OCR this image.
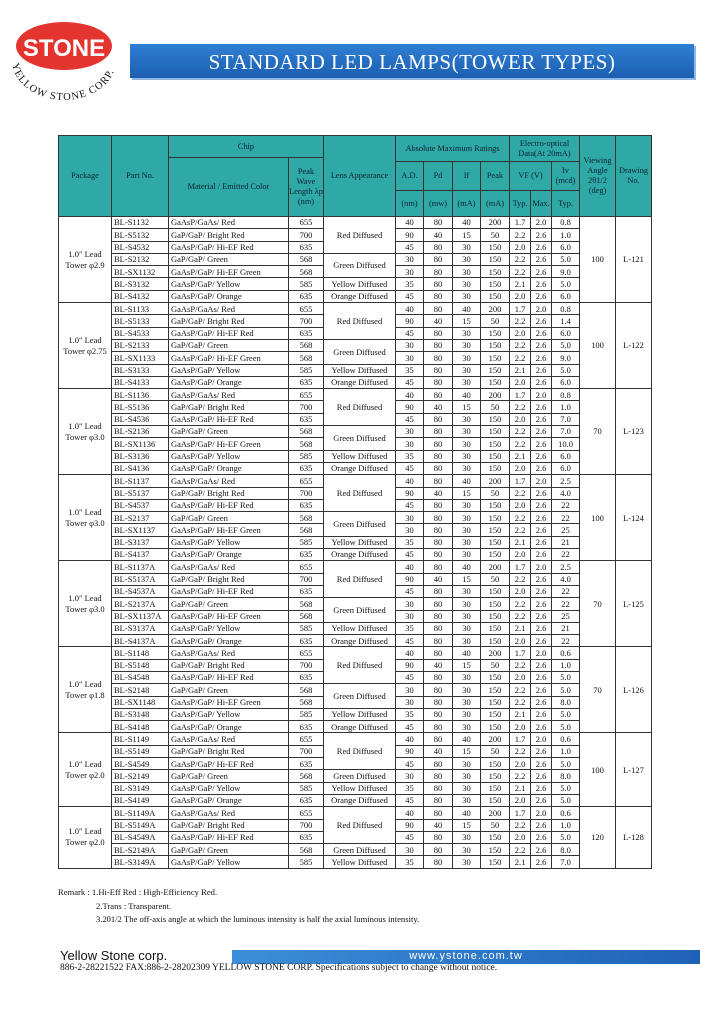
STONE
YELLOW STONE CORP.	STANDARD LED LAMPS(TOWER TYPES)
Package	Part No.	Chip		Lens Appearance	Absolute Maximum Ratings				Electro-optical Data(At 20mA)			Viewing Angle 2θ1/2 (deg)	Drawing No.
		Material / Emitted Color	Peak Wave Length λp (nm)										
					A.D.	Pd	If	Peak	VF (V)		Iv (mcd)		
					(nm)	(mw)	(mA)	(mA)	Typ.	Max.	Typ.		
1.0" Lead Tower φ2.9	BL-S1132	GaAsP/GaAs/ Red	655	Red Diffused	40	80	40	200	1.7	2.0	0.8	100	L-121
	BL-S5132	GaP/GaP/ Bright Red	700		90	40	15	50	2.2	2.6	1.0		
	BL-S4532	GaAsP/GaP/ Hi-EF Red	635		45	80	30	150	2.0	2.6	6.0		
	BL-S2132	GaP/GaP/ Green	568	Green Diffused	30	80	30	150	2.2	2.6	5.0		
	BL-SX1132	GaAsP/GaP/ Hi-EF Green	568		30	80	30	150	2.2	2.6	9.0		
	BL-S3132	GaAsP/GaP/ Yellow	585	Yellow Diffused	35	80	30	150	2.1	2.6	5.0		
	BL-S4132	GaAsP/GaP/ Orange	635	Orange Diffused	45	80	30	150	2.0	2.6	6.0		
1.0" Lead Tower φ2.75	BL-S1133	GaAsP/GaAs/ Red	655	Red Diffused	40	80	40	200	1.7	2.0	0.8	100	L-122
	BL-S5133	GaP/GaP/ Bright Red	700		90	40	15	50	2.2	2.6	1.4		
	BL-S4533	GaAsP/GaP/ Hi-EF Red	635		45	80	30	150	2.0	2.6	6.0		
	BL-S2133	GaP/GaP/ Green	568	Green Diffused	30	80	30	150	2.2	2.6	5.0		
	BL-SX1133	GaAsP/GaP/ Hi-EF Green	568		30	80	30	150	2.2	2.6	9.0		
	BL-S3133	GaAsP/GaP/ Yellow	585	Yellow Diffused	35	80	30	150	2.1	2.6	5.0		
	BL-S4133	GaAsP/GaP/ Orange	635	Orange Diffused	45	80	30	150	2.0	2.6	6.0		
1.0" Lead Tower φ3.0	BL-S1136	GaAsP/GaAs/ Red	655	Red Diffused	40	80	40	200	1.7	2.0	0.8	70	L-123
	BL-S5136	GaP/GaP/ Bright Red	700		90	40	15	50	2.2	2.6	1.0		
	BL-S4536	GaAsP/GaP/ Hi-EF Red	635		45	80	30	150	2.0	2.6	7.0		
	BL-S2136	GaP/GaP/ Green	568	Green Diffused	30	80	30	150	2.2	2.6	7.0		
	BL-SX1136	GaAsP/GaP/ Hi-EF Green	568		30	80	30	150	2.2	2.6	10.0		
	BL-S3136	GaAsP/GaP/ Yellow	585	Yellow Diffused	35	80	30	150	2.1	2.6	6.0		
	BL-S4136	GaAsP/GaP/ Orange	635	Orange Diffused	45	80	30	150	2.0	2.6	6.0		
1.0" Lead Tower φ3.0	BL-S1137	GaAsP/GaAs/ Red	655	Red Diffused	40	80	40	200	1.7	2.0	2.5	100	L-124
	BL-S5137	GaP/GaP/ Bright Red	700		90	40	15	50	2.2	2.6	4.0		
	BL-S4537	GaAsP/GaP/ Hi-EF Red	635		45	80	30	150	2.0	2.6	22		
	BL-S2137	GaP/GaP/ Green	568	Green Diffused	30	80	30	150	2.2	2.6	22		
	BL-SX1137	GaAsP/GaP/ Hi-EF Green	568		30	80	30	150	2.2	2.6	25		
	BL-S3137	GaAsP/GaP/ Yellow	585	Yellow Diffused	35	80	30	150	2.1	2.6	21		
	BL-S4137	GaAsP/GaP/ Orange	635	Orange Diffused	45	80	30	150	2.0	2.6	22		
1.0" Lead Tower φ3.0	BL-S1137A	GaAsP/GaAs/ Red	655	Red Diffused	40	80	40	200	1.7	2.0	2.5	70	L-125
	BL-S5137A	GaP/GaP/ Bright Red	700		90	40	15	50	2.2	2.6	4.0		
	BL-S4537A	GaAsP/GaP/ Hi-EF Red	635		45	80	30	150	2.0	2.6	22		
	BL-S2137A	GaP/GaP/ Green	568	Green Diffused	30	80	30	150	2.2	2.6	22		
	BL-SX1137A	GaAsP/GaP/ Hi-EF Green	568		30	80	30	150	2.2	2.6	25		
	BL-S3137A	GaAsP/GaP/ Yellow	585	Yellow Diffused	35	80	30	150	2.1	2.6	21		
	BL-S4137A	GaAsP/GaP/ Orange	635	Orange Diffused	45	80	30	150	2.0	2.6	22		
1.0" Lead Tower φ1.8	BL-S1148	GaAsP/GaAs/ Red	655	Red Diffused	40	80	40	200	1.7	2.0	0.6	70	L-126
	BL-S5148	GaP/GaP/ Bright Red	700		90	40	15	50	2.2	2.6	1.0		
	BL-S4548	GaAsP/GaP/ Hi-EF Red	635		45	80	30	150	2.0	2.6	5.0		
	BL-S2148	GaP/GaP/ Green	568	Green Diffused	30	80	30	150	2.2	2.6	5.0		
	BL-SX1148	GaAsP/GaP/ Hi-EF Green	568		30	80	30	150	2.2	2.6	8.0		
	BL-S3148	GaAsP/GaP/ Yellow	585	Yellow Diffused	35	80	30	150	2.1	2.6	5.0		
	BL-S4148	GaAsP/GaP/ Orange	635	Orange Diffused	45	80	30	150	2.0	2.6	5.0		
1.0" Lead Tower φ2.0	BL-S1149	GaAsP/GaAs/ Red	655	Red Diffused	40	80	40	200	1.7	2.0	0.6	100	L-127
	BL-S5149	GaP/GaP/ Bright Red	700		90	40	15	50	2.2	2.6	1.0		
	BL-S4549	GaAsP/GaP/ Hi-EF Red	635		45	80	30	150	2.0	2.6	5.0		
	BL-S2149	GaP/GaP/ Green	568	Green Diffused	30	80	30	150	2.2	2.6	8.0		
	BL-S3149	GaAsP/GaP/ Yellow	585	Yellow Diffused	35	80	30	150	2.1	2.6	5.0		
	BL-S4149	GaAsP/GaP/ Orange	635	Orange Diffused	45	80	30	150	2.0	2.6	5.0		
1.0" Lead Tower φ2.0	BL-S1149A	GaAsP/GaAs/ Red	655	Red Diffused	40	80	40	200	1.7	2.0	0.6	120	L-128
	BL-S5149A	GaP/GaP/ Bright Red	700		90	40	15	50	2.2	2.6	1.0		
	BL-S4549A	GaAsP/GaP/ Hi-EF Red	635		45	80	30	150	2.0	2.6	5.0		
	BL-S2149A	GaP/GaP/ Green	568	Green Diffused	30	80	30	150	2.2	2.6	8.0		
	BL-S3149A	GaAsP/GaP/ Yellow	585	Yellow Diffused	35	80	30	150	2.1	2.6	7.0		
Remark : 1.Hi-Eff Red : High-Efficiency Red.
2.Trans : Transparent.
3.2θ1/2 The off-axis angle at which the luminous intensity is half the axial luminous intensity.
Yellow Stone corp.	www.ystone.com.tw
886-2-28221522 FAX:886-2-28202309 YELLOW STONE CORP. Specifications subject to change without notice.
